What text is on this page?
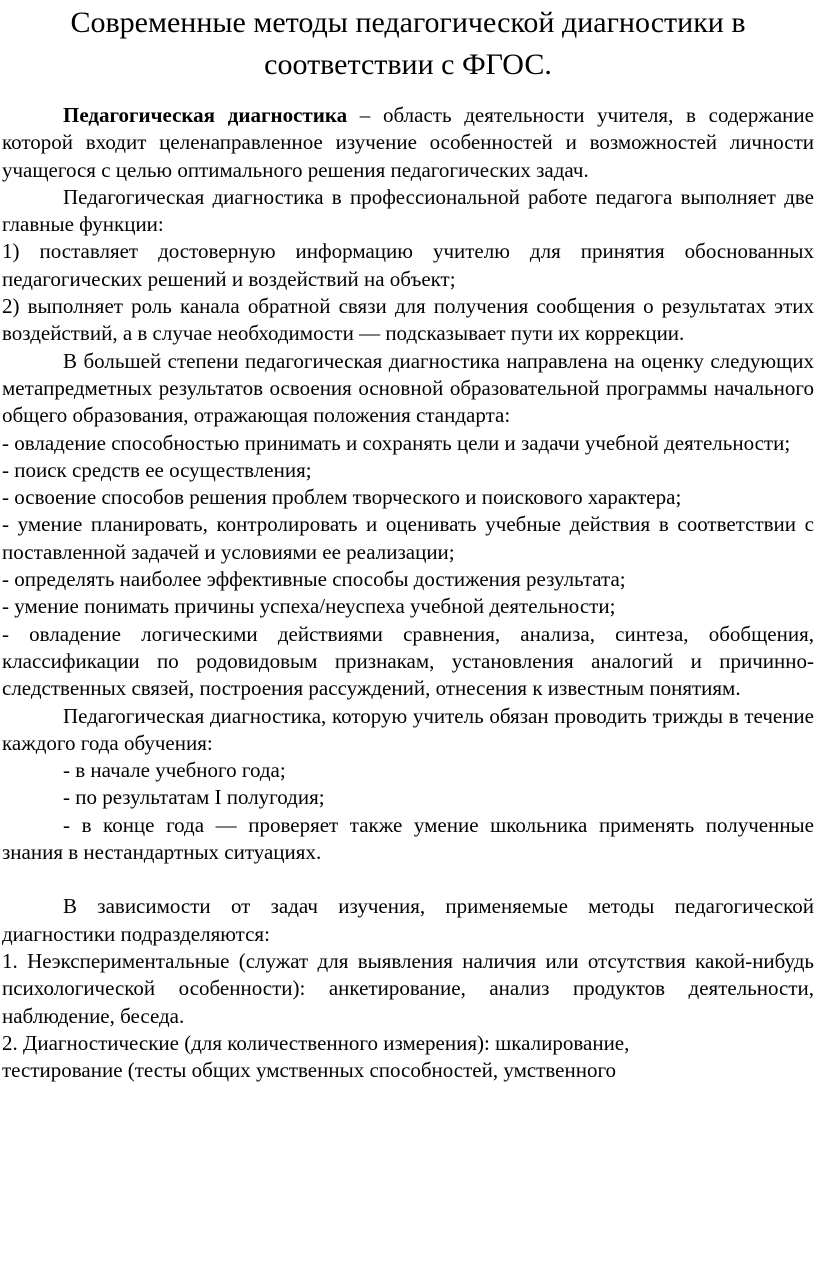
Современные методы педагогической диагностики в
соответствии с ФГОС.

Педагогическая диагностика – область деятельности учителя, в содержание которой входит целенаправленное изучение особенностей и возможностей личности учащегося с целью оптимального решения педагогических задач.

Педагогическая диагностика в профессиональной работе педагога выполняет две главные функции:

1) поставляет достоверную информацию учителю для принятия обоснованных педагогических решений и воздействий на объект;

2) выполняет роль канала обратной связи для получения сообщения о результатах этих воздействий, а в случае необходимости — подсказывает пути их коррекции.

В большей степени педагогическая диагностика направлена на оценку следующих метапредметных результатов освоения основной образовательной программы начального общего образования, отражающая положения стандарта:

- овладение способностью принимать и сохранять цели и задачи учебной деятельности;

- поиск средств ее осуществления;

- освоение способов решения проблем творческого и поискового характера;

- умение планировать, контролировать и оценивать учебные действия в соответствии с поставленной задачей и условиями ее реализации;

- определять наиболее эффективные способы достижения результата;

- умение понимать причины успеха/неуспеха учебной деятельности;

- овладение логическими действиями сравнения, анализа, синтеза, обобщения, классификации по родовидовым признакам, установления аналогий и причинно-следственных связей, построения рассуждений, отнесения к известным понятиям.

Педагогическая диагностика, которую учитель обязан проводить трижды в течение каждого года обучения:

- в начале учебного года;

- по результатам I полугодия;

- в конце года — проверяет также умение школьника применять полученные знания в нестандартных ситуациях.

В зависимости от задач изучения, применяемые методы педагогической диагностики подразделяются:

1. Неэкспериментальные (служат для выявления наличия или отсутствия какой-нибудь психологической особенности): анкетирование, анализ продуктов деятельности, наблюдение, беседа.

2. Диагностические (для количественного измерения): шкалирование,

тестирование (тесты общих умственных способностей, умственного
